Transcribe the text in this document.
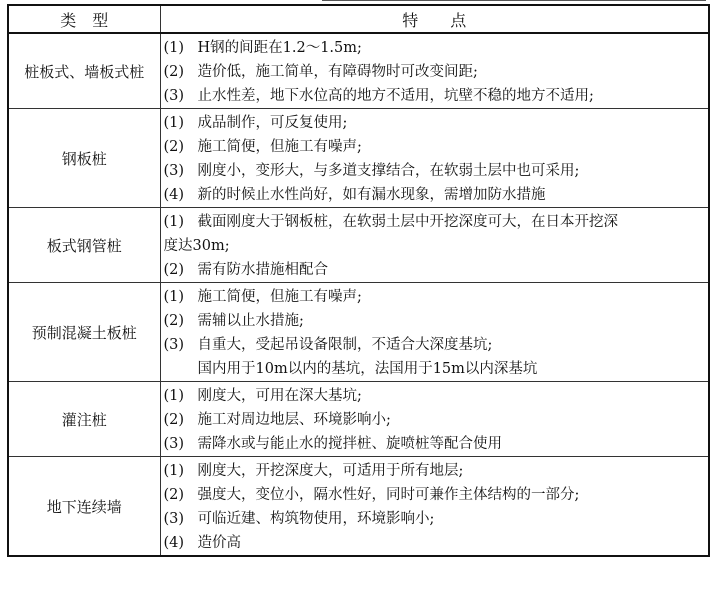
类　型	特　　点
桩板式、墙板式桩	(1) H钢的间距在1.2～1.5m;
(2) 造价低，施工简单，有障碍物时可改变间距;
(3) 止水性差，地下水位高的地方不适用，坑壁不稳的地方不适用;

钢板桩	(1) 成品制作，可反复使用;
(2) 施工简便，但施工有噪声;
(3) 刚度小，变形大，与多道支撑结合，在软弱土层中也可采用;
(4) 新的时候止水性尚好，如有漏水现象，需增加防水措施

板式钢管桩	(1) 截面刚度大于钢板桩，在软弱土层中开挖深度可大，在日本开挖深
度达30m;
(2) 需有防水措施相配合

预制混凝土板桩	(1) 施工简便，但施工有噪声;
(2) 需辅以止水措施;
(3) 自重大，受起吊设备限制，不适合大深度基坑;
国内用于10m以内的基坑，法国用于15m以内深基坑

灌注桩	(1) 刚度大，可用在深大基坑;
(2) 施工对周边地层、环境影响小;
(3) 需降水或与能止水的搅拌桩、旋喷桩等配合使用

地下连续墙	(1) 刚度大，开挖深度大，可适用于所有地层;
(2) 强度大，变位小，隔水性好，同时可兼作主体结构的一部分;
(3) 可临近建、构筑物使用，环境影响小;
(4) 造价高
